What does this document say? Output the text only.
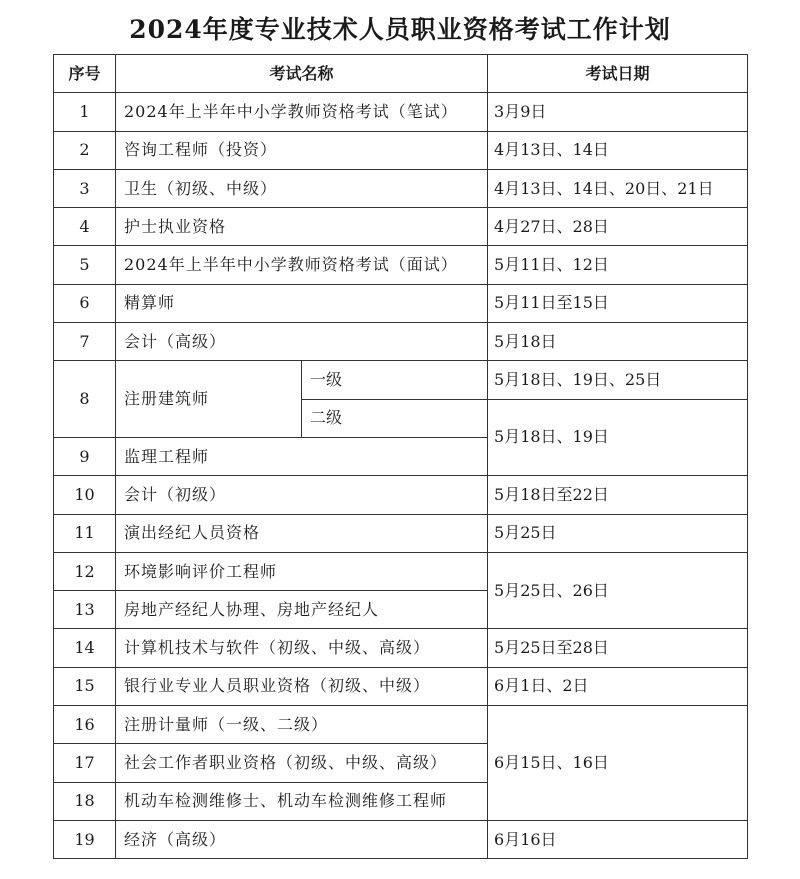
2024年度专业技术人员职业资格考试工作计划
序号	考试名称		考试日期
1	2024年上半年中小学教师资格考试（笔试）		3月9日
2	咨询工程师（投资）		4月13日、14日
3	卫生（初级、中级）		4月13日、14日、20日、21日
4	护士执业资格		4月27日、28日
5	2024年上半年中小学教师资格考试（面试）		5月11日、12日
6	精算师		5月11日至15日
7	会计（高级）		5月18日
8	注册建筑师	一级	5月18日、19日、25日
		二级	5月18日、19日
9	监理工程师		
10	会计（初级）		5月18日至22日
11	演出经纪人员资格		5月25日
12	环境影响评价工程师		5月25日、26日
13	房地产经纪人协理、房地产经纪人		
14	计算机技术与软件（初级、中级、高级）		5月25日至28日
15	银行业专业人员职业资格（初级、中级）		6月1日、2日
16	注册计量师（一级、二级）		6月15日、16日
17	社会工作者职业资格（初级、中级、高级）		
18	机动车检测维修士、机动车检测维修工程师		
19	经济（高级）		6月16日
